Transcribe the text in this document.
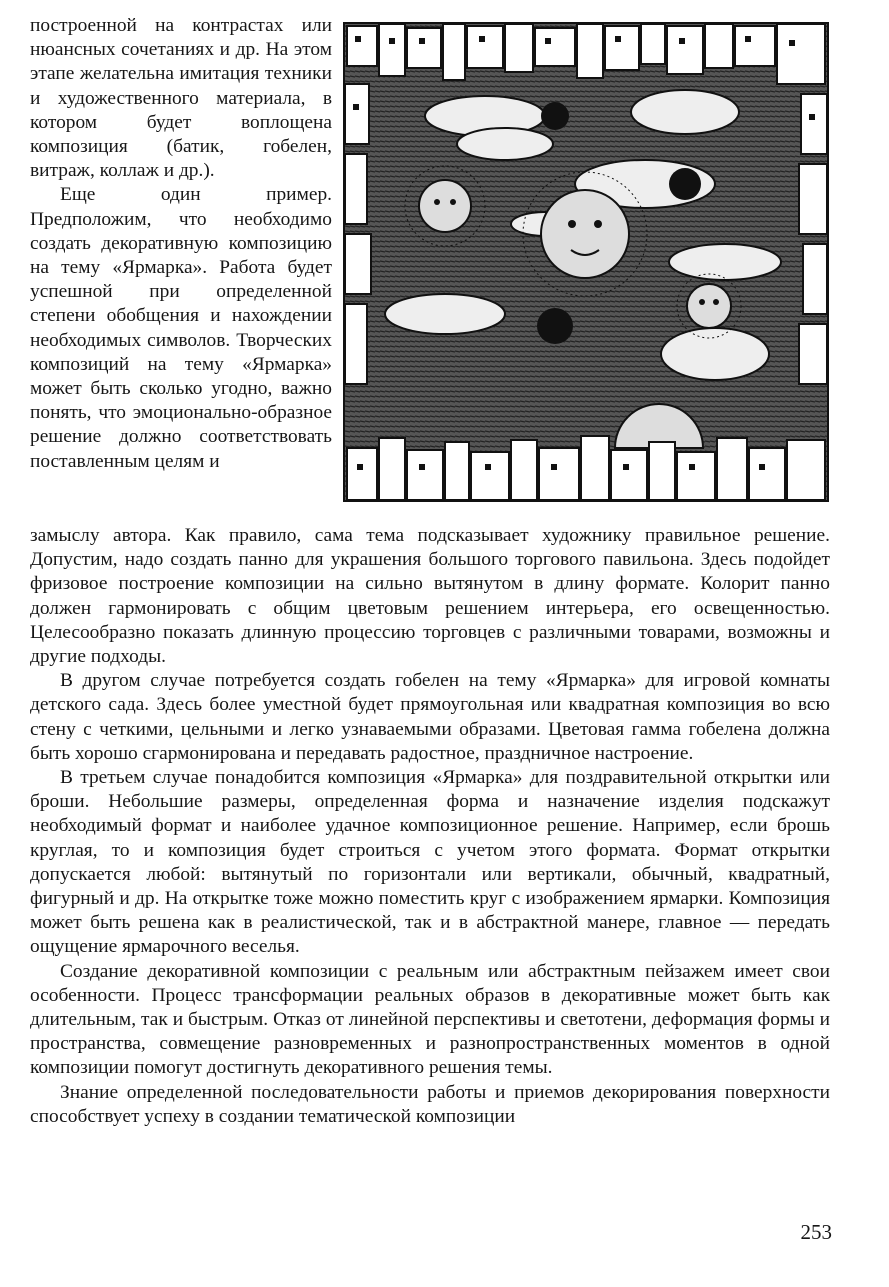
построенной на контрастах или нюансных сочетаниях и др. На этом этапе желательна имитация техники и художественного материала, в котором будет воплощена композиция (батик, гобелен, витраж, коллаж и др.).

Еще один пример. Предположим, что необходимо создать декоративную композицию на тему «Ярмарка». Работа будет успешной при определенной степени обобщения и нахождении необходимых символов. Творческих композиций на тему «Ярмарка» может быть сколько угодно, важно понять, что эмоционально-образное решение должно соответствовать поставленным целям и

замыслу автора. Как правило, сама тема подсказывает художнику правильное решение. Допустим, надо создать панно для украшения большого торгового павильона. Здесь подойдет фризовое построение композиции на сильно вытянутом в длину формате. Колорит панно должен гармонировать с общим цветовым решением интерьера, его освещенностью. Целесообразно показать длинную процессию торговцев с различными товарами, возможны и другие подходы.

В другом случае потребуется создать гобелен на тему «Ярмарка» для игровой комнаты детского сада. Здесь более уместной будет прямоугольная или квадратная композиция во всю стену с четкими, цельными и легко узнаваемыми образами. Цветовая гамма гобелена должна быть хорошо сгармонирована и передавать радостное, праздничное настроение.

В третьем случае понадобится композиция «Ярмарка» для поздравительной открытки или броши. Небольшие размеры, определенная форма и назначение изделия подскажут необходимый формат и наиболее удачное композиционное решение. Например, если брошь круглая, то и композиция будет строиться с учетом этого формата. Формат открытки допускается любой: вытянутый по горизонтали или вертикали, обычный, квадратный, фигурный и др. На открытке тоже можно поместить круг с изображением ярмарки. Композиция может быть решена как в реалистической, так и в абстрактной манере, главное — передать ощущение ярмарочного веселья.

Создание декоративной композиции с реальным или абстрактным пейзажем имеет свои особенности. Процесс трансформации реальных образов в декоративные может быть как длительным, так и быстрым. Отказ от линейной перспективы и светотени, деформация формы и пространства, совмещение разновременных и разнопространственных моментов в одной композиции помогут достигнуть декоративного решения темы.

Знание определенной последовательности работы и приемов декорирования поверхности способствует успеху в создании тематической композиции

253
